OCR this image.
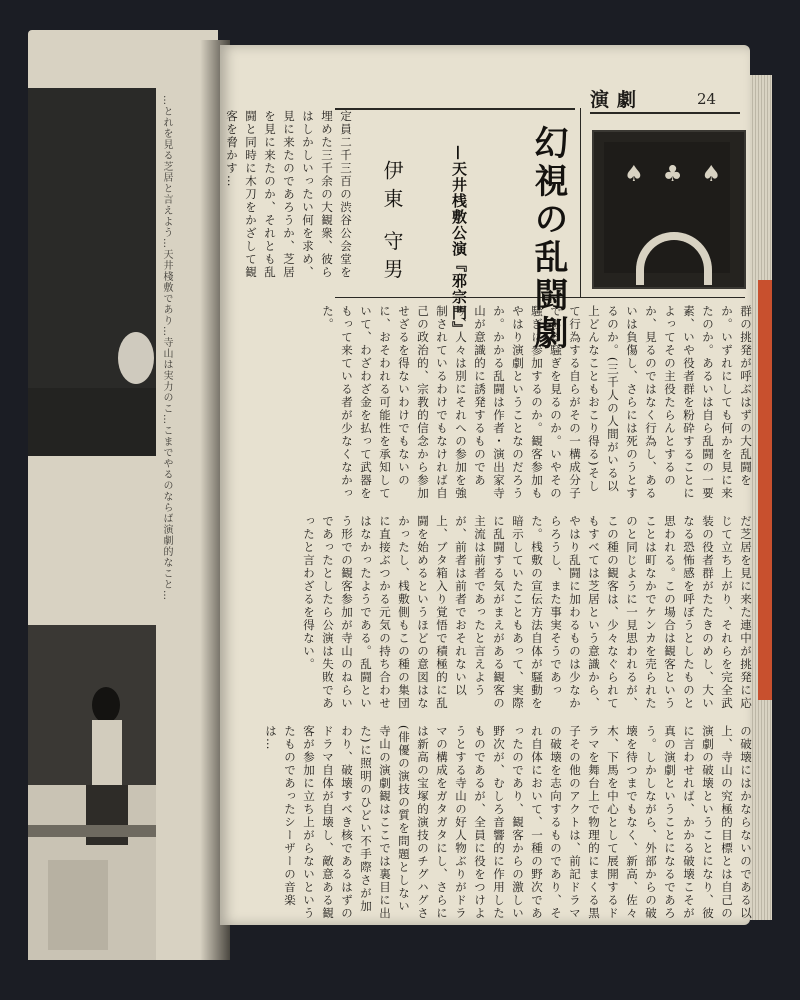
…とれを見る芝居と言えよう…天井棧敷であり…寺山は実力のこ…こまでやるのならば演劇的なこと…	演劇	24
幻視の乱闘劇
—天井桟敷公演『邪宗門』
伊東 守男	♠ ♣ ♠
定員二千三百の渋谷公会堂を埋めた三千余の大観衆、彼らはしかしいったい何を求め、見に来たのであろうか、芝居を見に来たのか、それとも乱闘と同時に木刀をかざして観客を脅かす…
群の挑発が呼ぶはずの大乱闘をか。いずれにしても何かを見に来たのか。あるいは自ら乱闘の一要素、いや役者群を粉砕することによってその主役たらんとするのか、見るのではなく行為し、あるいは負傷し、さらには死のうとするのか。(三千人の人間がいる以上どんなこともおこり得る)そして行為する自らがその一構成分子である騒ぎを見るのか。いやその騒ぎに参加するのか。観客参加もやはり演劇ということなのだろうか。かかる乱闘は作者・演出家寺山が意識的に誘発するものであり、人々は別にそれへの参加を強制されているわけでもなければ自己の政治的、宗教的信念から参加せざるを得ないわけでもないのに、おそわれる可能性を承知していて、わざわざ金を払って武器をもって来ている者が少なくなかった。
だ芝居を見に来た連中が挑発に応じて立ち上がり、それらを完全武装の役者群がたたきのめし、大いなる恐怖感を呼ぼうとしたものと思われる。この場合は観客ということは町なかでケンカを売られたのと同じように一見思われるが、この種の観客は、少々なぐられてもすべては芝居という意識から、やはり乱闘に加わるものは少なからろうし、また事実そうであった。桟敷の宣伝方法自体が騒動を暗示していたこともあって、実際に乱闘する気がまえがある観客の主流は前者であったと言えようが、前者は前者でおそれない以上、ブタ箱入り覚悟で積極的に乱闘を始めるというほどの意図はなかったし、桟敷側もこの種の集団に直接ぶつかる元気の持ち合わせはなかったようである。乱闘という形での観客参加が寺山のねらいであったとしたら公演は失敗であったと言わざるを得ない。
の破壊にはかならないのである以上、寺山の究極的目標とは自己の演劇の破壊ということになり、彼に言わせれば、かかる破壊こそが真の演劇ということになるであろう。しかしながら、外部からの破壊を待つまでもなく、新高、佐々木、下馬を中心として展開するドラマを舞台上で物理的にまくる黒子その他のアクトは、前記ドラマの破壊を志向するものであり、それ自体において、一種の野次であったのであり、観客からの激しい野次が、むしろ音響的に作用したものであるが、全員に役をつけようとする寺山の好人物ぶりがドラマの構成をガタガタにし、さらには新高の宝塚的演技のチグハグさ(俳優の演技の質を問題としない寺山の演劇観はここでは裏目に出た)に照明のひどい不手際さが加わり、破壊すべき核であるはずのドラマ自体が自壊し、敵意ある観客が参加に立ち上がらないというたものであったシーザーの音楽は…
